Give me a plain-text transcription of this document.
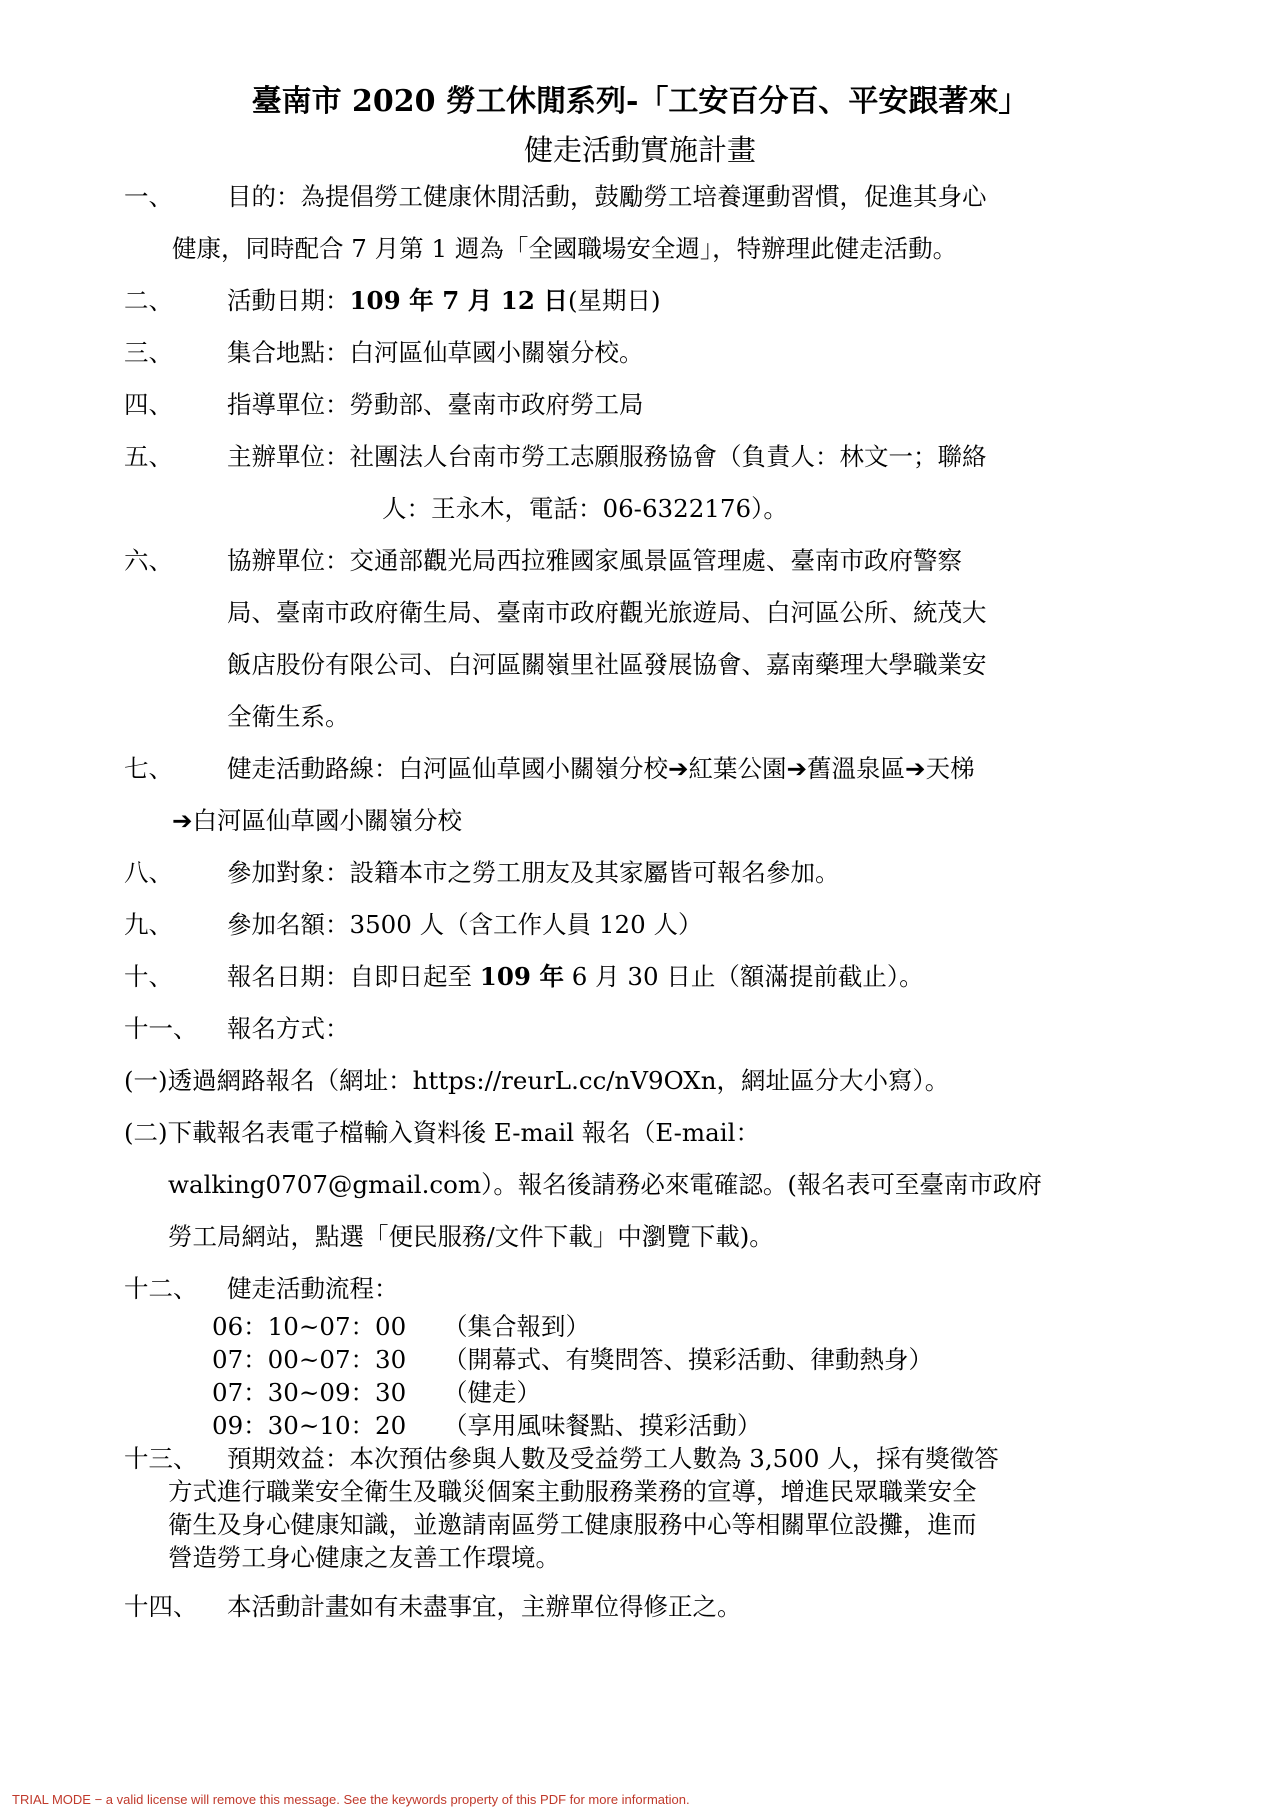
臺南市 2020 勞工休閒系列-「工安百分百、平安跟著來」
健走活動實施計畫
一、 目的：為提倡勞工健康休閒活動，鼓勵勞工培養運動習慣，促進其身心
健康，同時配合 7 月第 1 週為「全國職場安全週」，特辦理此健走活動。
二、 活動日期：109 年 7 月 12 日(星期日)
三、 集合地點：白河區仙草國小關嶺分校。
四、 指導單位：勞動部、臺南市政府勞工局
五、 主辦單位：社團法人台南市勞工志願服務協會（負責人：林文一；聯絡
人：王永木，電話：06-6322176）。
六、 協辦單位：交通部觀光局西拉雅國家風景區管理處、臺南市政府警察
局、臺南市政府衛生局、臺南市政府觀光旅遊局、白河區公所、統茂大
飯店股份有限公司、白河區關嶺里社區發展協會、嘉南藥理大學職業安
全衛生系。
七、 健走活動路線：白河區仙草國小關嶺分校➔紅葉公園➔舊溫泉區➔天梯
➔白河區仙草國小關嶺分校
八、 參加對象：設籍本市之勞工朋友及其家屬皆可報名參加。
九、 參加名額：3500 人（含工作人員 120 人）
十、 報名日期：自即日起至 109 年 6 月 30 日止（額滿提前截止）。
十一、 報名方式：
(一)透過網路報名（網址：https://reurL.cc/nV9OXn，網址區分大小寫）。
(二)下載報名表電子檔輸入資料後 E-mail 報名（E-mail：
walking0707@gmail.com）。報名後請務必來電確認。(報名表可至臺南市政府
勞工局網站，點選「便民服務/文件下載」中瀏覽下載)。
十二、 健走活動流程：
06：10~07：00 （集合報到）
07：00~07：30 （開幕式、有獎問答、摸彩活動、律動熱身）
07：30~09：30 （健走）
09：30~10：20 （享用風味餐點、摸彩活動）
十三、 預期效益：本次預估參與人數及受益勞工人數為 3,500 人，採有獎徵答
方式進行職業安全衛生及職災個案主動服務業務的宣導，增進民眾職業安全
衛生及身心健康知識，並邀請南區勞工健康服務中心等相關單位設攤，進而
營造勞工身心健康之友善工作環境。
十四、 本活動計畫如有未盡事宜，主辦單位得修正之。
TRIAL MODE − a valid license will remove this message. See the keywords property of this PDF for more information.
